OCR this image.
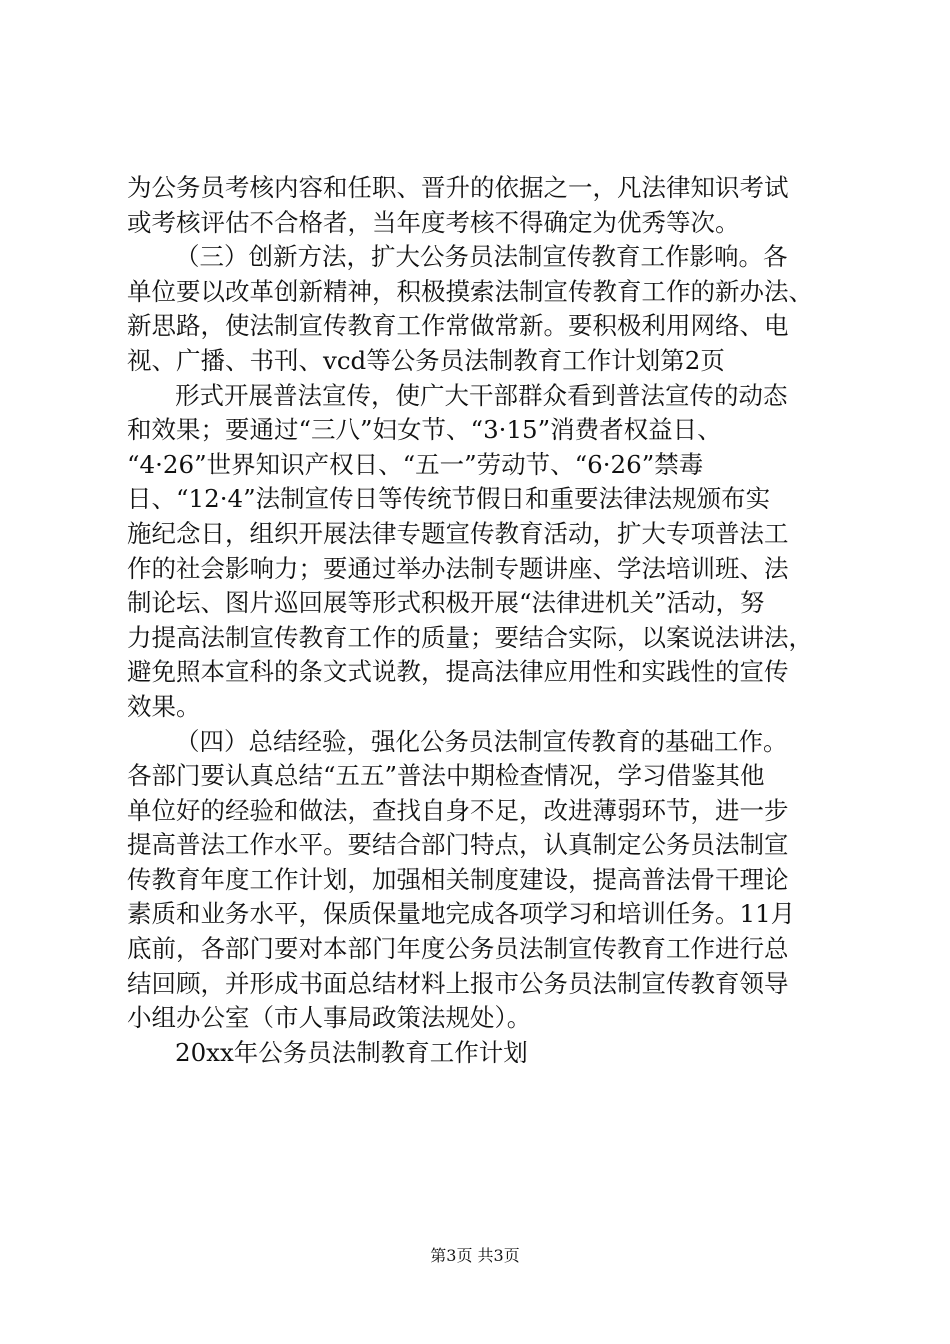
为公务员考核内容和任职、晋升的依据之一，凡法律知识考试
或考核评估不合格者，当年度考核不得确定为优秀等次。
（三）创新方法，扩大公务员法制宣传教育工作影响。各
单位要以改革创新精神，积极摸索法制宣传教育工作的新办法、
新思路，使法制宣传教育工作常做常新。要积极利用网络、电
视、广播、书刊、vcd等公务员法制教育工作计划第2页
形式开展普法宣传，使广大干部群众看到普法宣传的动态
和效果；要通过“三八”妇女节、“3·15”消费者权益日、
“4·26”世界知识产权日、“五一”劳动节、“6·26”禁毒
日、“12·4”法制宣传日等传统节假日和重要法律法规颁布实
施纪念日，组织开展法律专题宣传教育活动，扩大专项普法工
作的社会影响力；要通过举办法制专题讲座、学法培训班、法
制论坛、图片巡回展等形式积极开展“法律进机关”活动，努
力提高法制宣传教育工作的质量；要结合实际，以案说法讲法，
避免照本宣科的条文式说教，提高法律应用性和实践性的宣传
效果。
（四）总结经验，强化公务员法制宣传教育的基础工作。
各部门要认真总结“五五”普法中期检查情况，学习借鉴其他
单位好的经验和做法，查找自身不足，改进薄弱环节，进一步
提高普法工作水平。要结合部门特点，认真制定公务员法制宣
传教育年度工作计划，加强相关制度建设，提高普法骨干理论
素质和业务水平，保质保量地完成各项学习和培训任务。11月
底前，各部门要对本部门年度公务员法制宣传教育工作进行总
结回顾，并形成书面总结材料上报市公务员法制宣传教育领导
小组办公室（市人事局政策法规处）。
20xx年公务员法制教育工作计划
第3页 共3页
